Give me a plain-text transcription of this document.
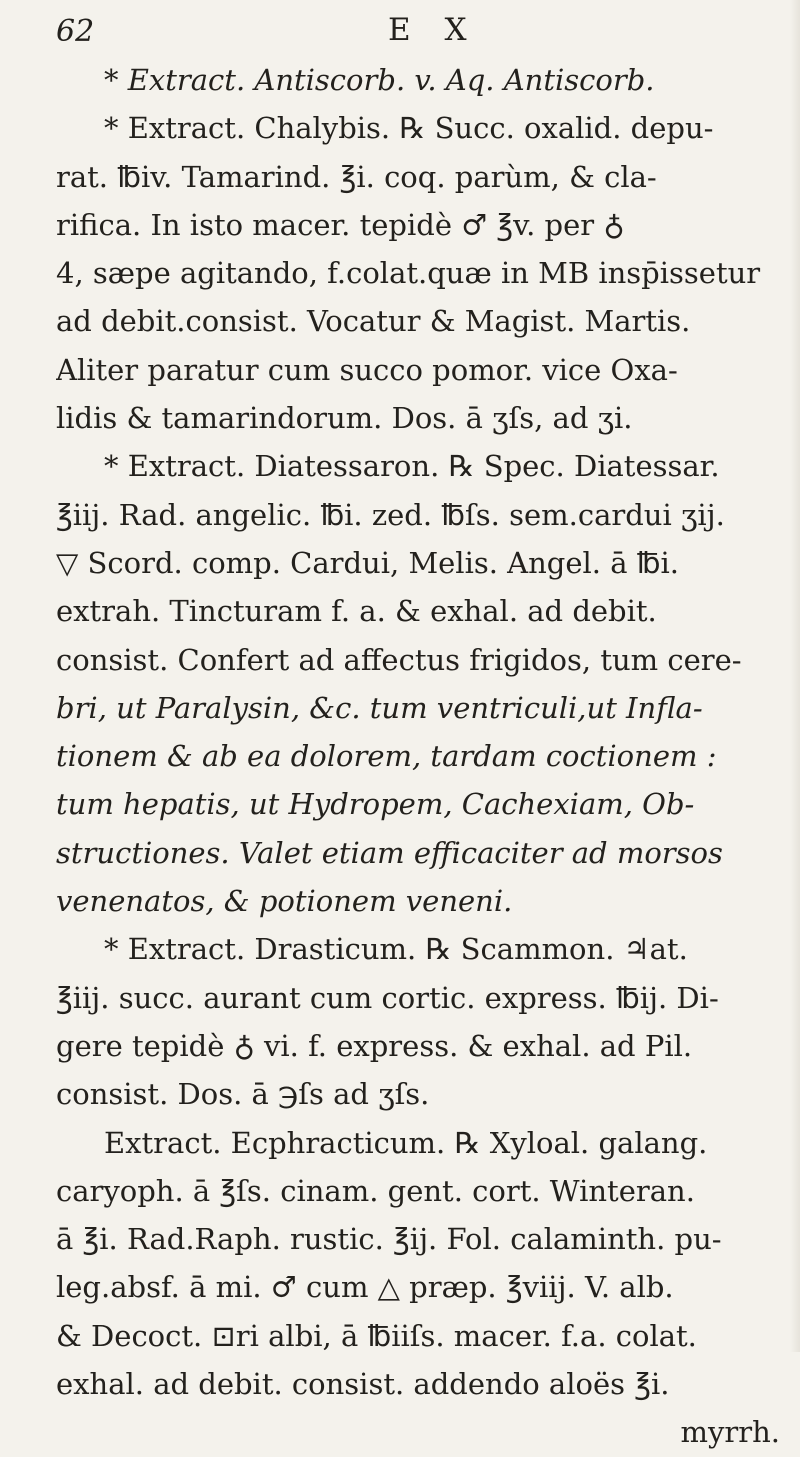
62	E X
* Extract. Antiscorb. v. Aq. Antiscorb.
* Extract. Chalybis. ℞ Succ. oxalid. depu-
rat. ℔iv. Tamarind. ℥i. coq. parùm, & cla-
rifica. In isto macer. tepidè ♂ ℥v. per ♁
4, sæpe agitando, f.colat.quæ in MB insp̄issetur
ad debit.consist. Vocatur & Magist. Martis.
Aliter paratur cum succo pomor. vice Oxa-
lidis & tamarindorum. Dos. ā ʒſs, ad ʒi.
* Extract. Diatessaron. ℞ Spec. Diatessar.
℥iij. Rad. angelic. ℔i. zed. ℔ſs. sem.cardui ʒij.
▽ Scord. comp. Cardui, Melis. Angel. ā ℔i.
extrah. Tincturam f. a. & exhal. ad debit.
consist. Confert ad affectus frigidos, tum cere-
bri, ut Paralysin, &c. tum ventriculi,ut Infla-
tionem & ab ea dolorem, tardam coctionem :
tum hepatis, ut Hydropem, Cachexiam, Ob-
structiones. Valet etiam efficaciter ad morsos
venenatos, & potionem veneni.
* Extract. Drasticum. ℞ Scammon. ♃at.
℥iij. succ. aurant cum cortic. express. ℔ij. Di-
gere tepidè ♁ vi. f. express. & exhal. ad Pil.
consist. Dos. ā ℈ſs ad ʒſs.
Extract. Ecphracticum. ℞ Xyloal. galang.
caryoph. ā ℥ſs. cinam. gent. cort. Winteran.
ā ℥i. Rad.Raph. rustic. ℥ij. Fol. calaminth. pu-
leg.absf. ā mi. ♂ cum △ præp. ℥viij. V. alb.
& Decoct. ⊡ri albi, ā ℔iiſs. macer. f.a. colat.
exhal. ad debit. consist. addendo aloës ℥i.
myrrh.
